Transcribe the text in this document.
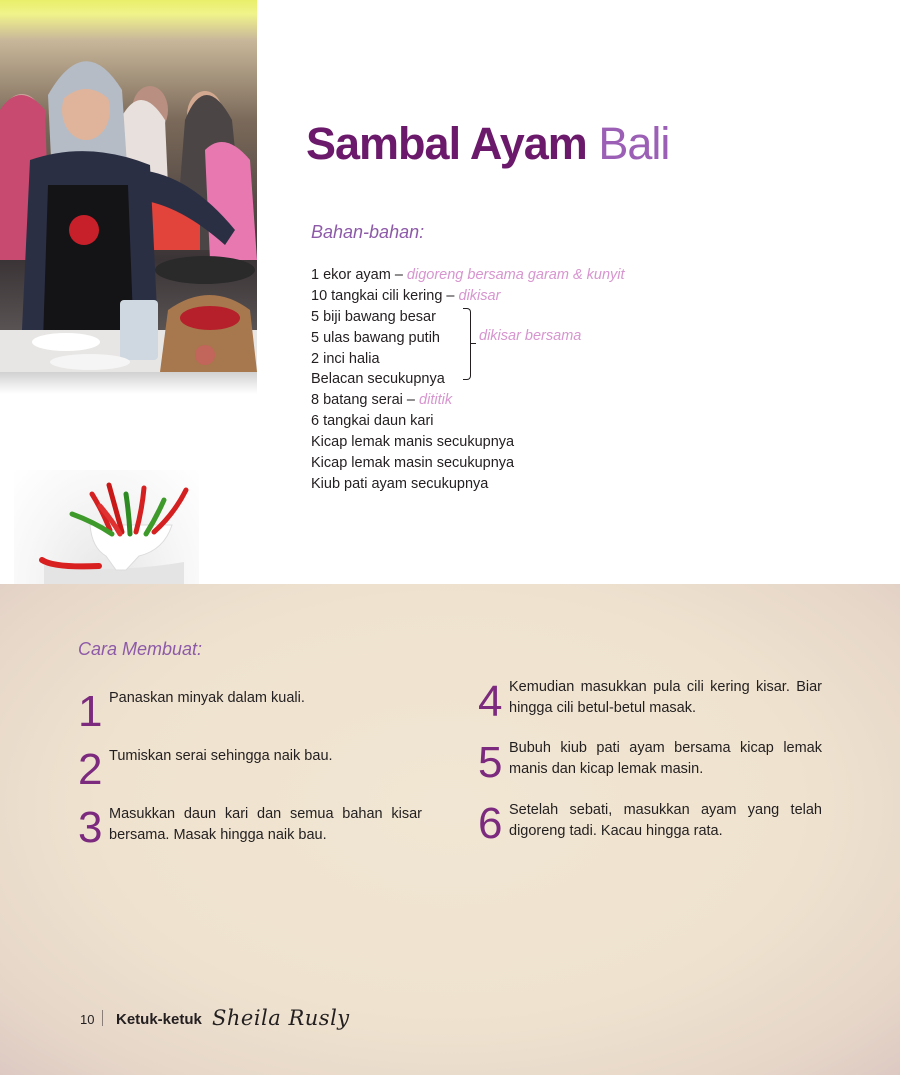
Sambal Ayam Bali
Bahan-bahan:
1 ekor ayam – digoreng bersama garam & kunyit
10 tangkai cili kering – dikisar
5 biji bawang besar
5 ulas bawang putih
2 inci halia
Belacan secukupnya
8 batang serai – dititik
6 tangkai daun kari
Kicap lemak manis secukupnya
Kicap lemak masin secukupnya
Kiub pati ayam secukupnya
dikisar bersama
Cara Membuat:
1 Panaskan minyak dalam kuali.
2 Tumiskan serai sehingga naik bau.
3 Masukkan daun kari dan semua bahan kisar bersama. Masak hingga naik bau.
4 Kemudian masukkan pula cili kering kisar. Biar hingga cili betul-betul masak.
5 Bubuh kiub pati ayam bersama kicap lemak manis dan kicap lemak masin.
6 Setelah sebati, masukkan ayam yang telah digoreng tadi. Kacau hingga rata.
10 Ketuk-ketuk Sheila Rusly
